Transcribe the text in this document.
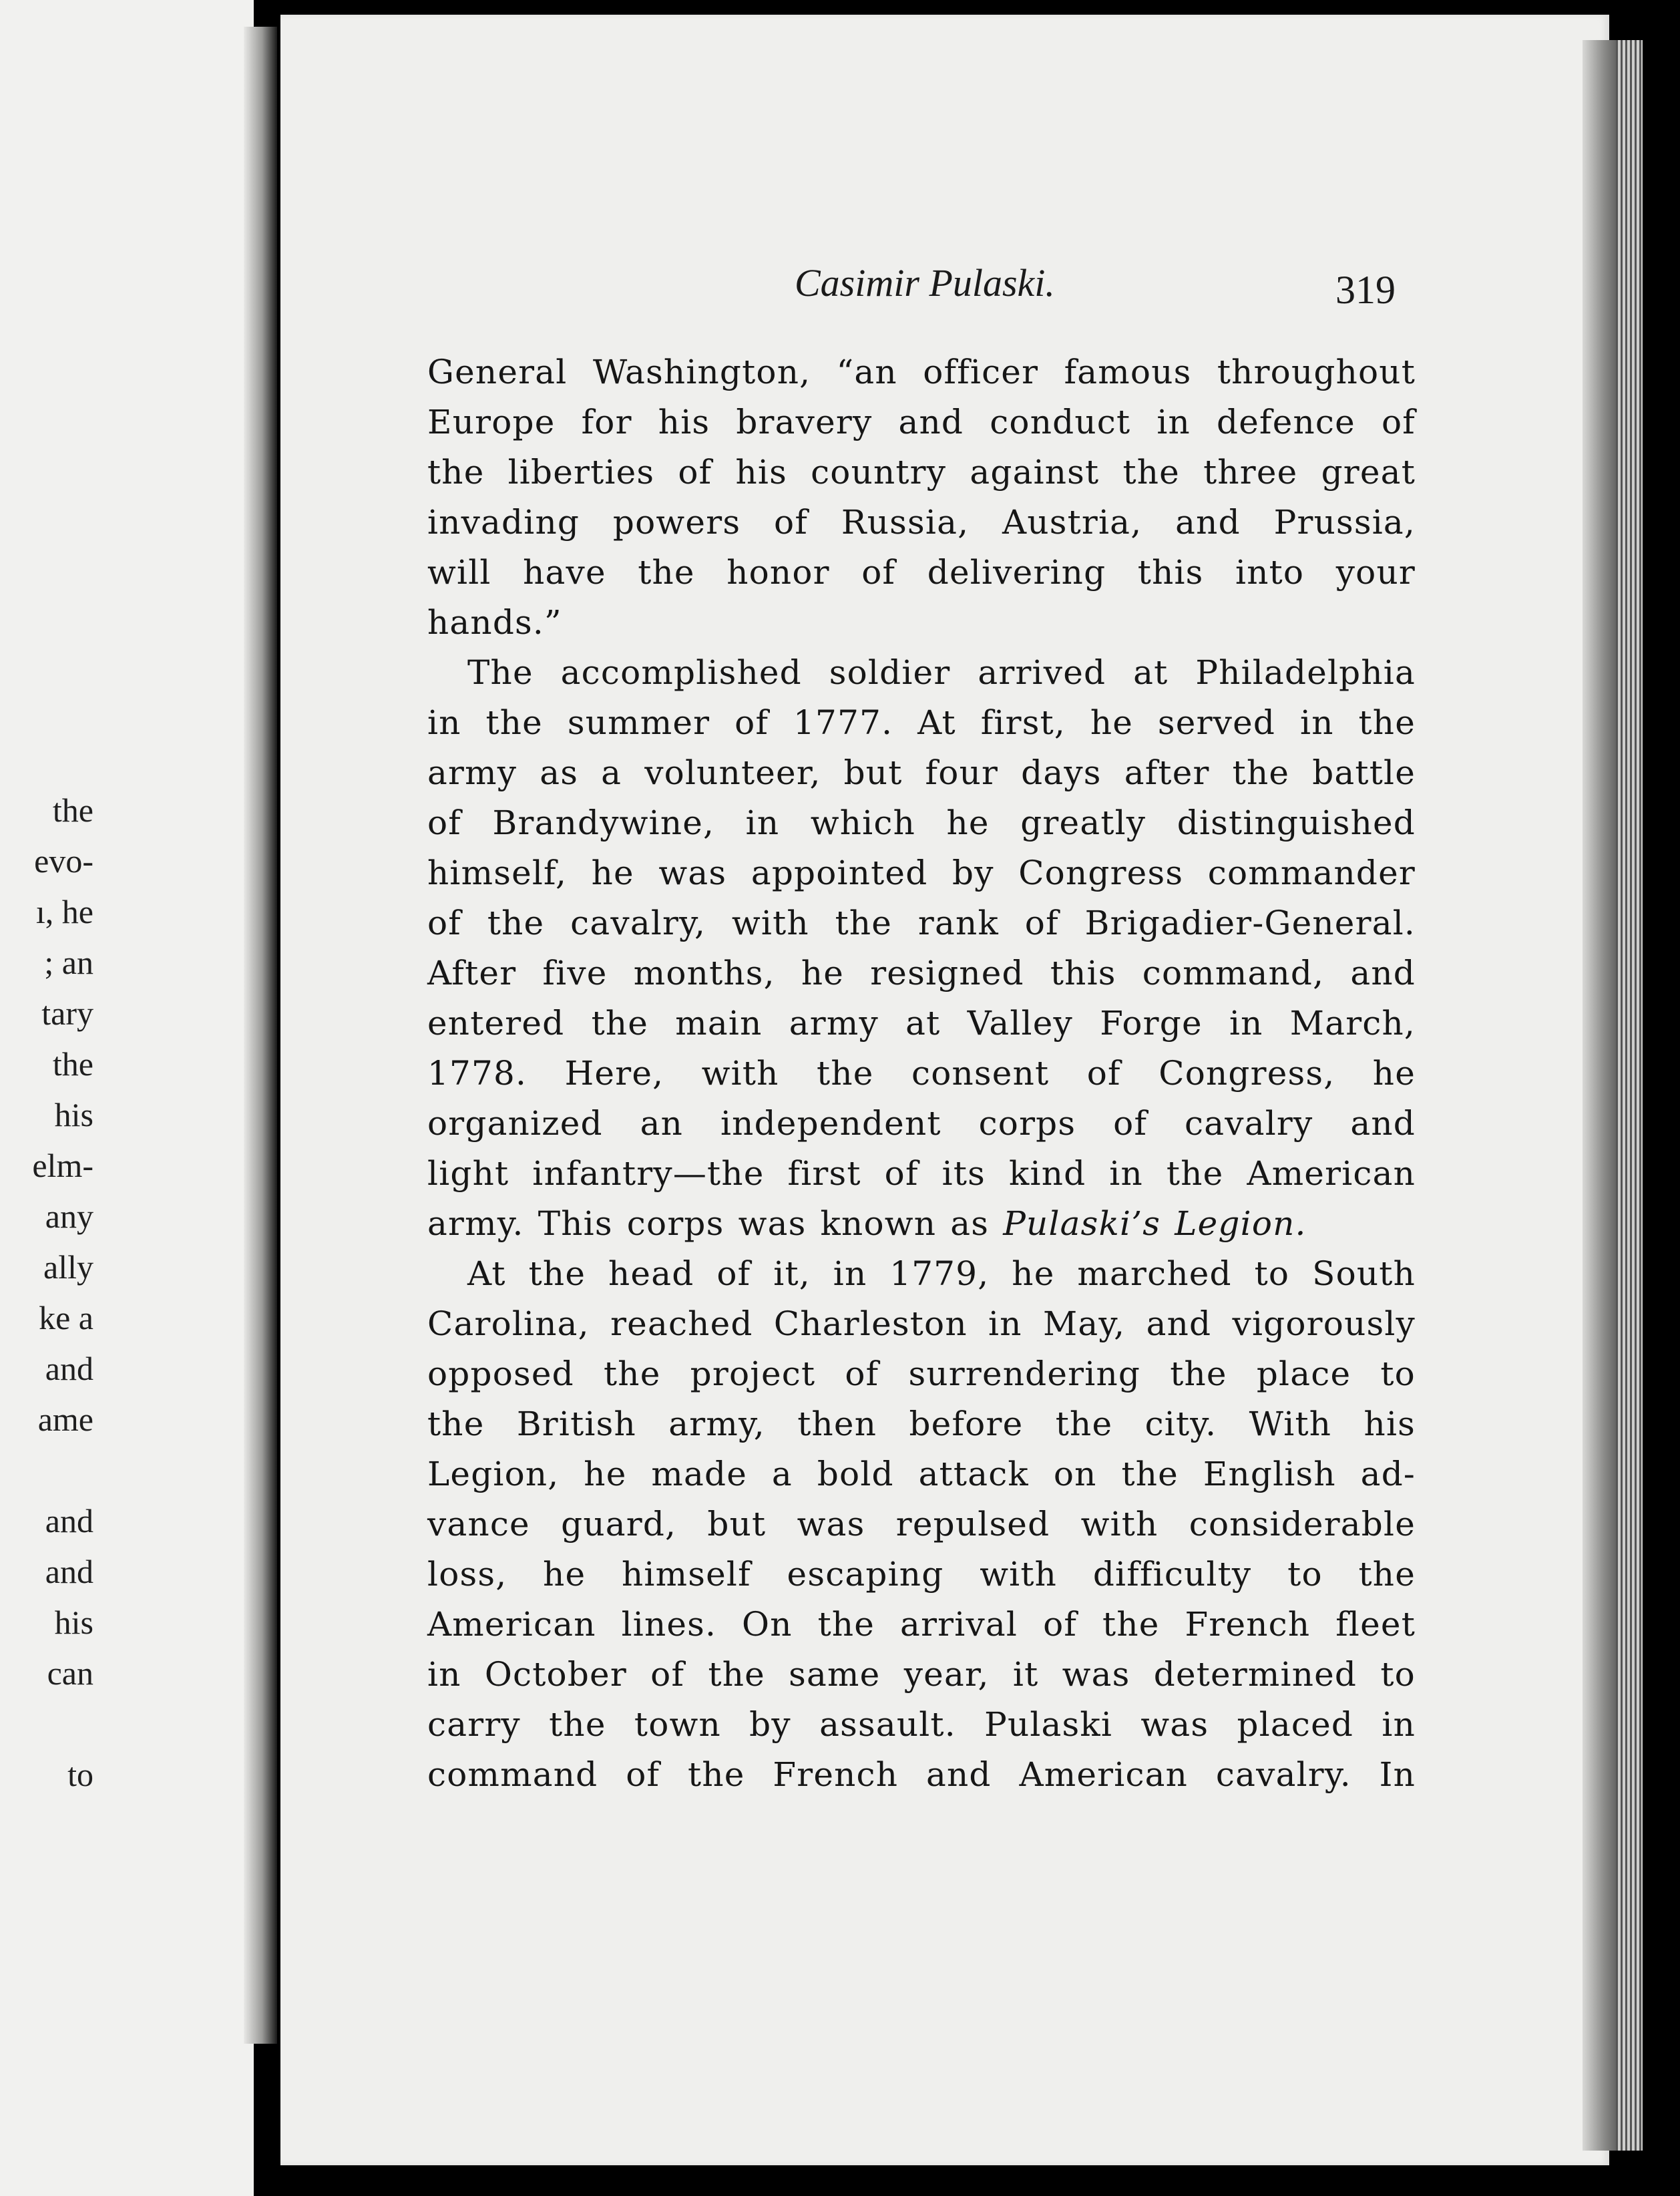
the
evo-
ı, he
; an
tary
the
his
elm-
any
ally
ke a
and
ame
and
and
his
can
to
Casimir Pulaski.	319

General Washington, “an officer famous throughout
Europe for his bravery and conduct in defence of
the liberties of his country against the three great
invading powers of Russia, Austria, and Prussia,
will have the honor of delivering this into your
hands.”

The accomplished soldier arrived at Philadelphia
in the summer of 1777. At first, he served in the
army as a volunteer, but four days after the battle
of Brandywine, in which he greatly distinguished
himself, he was appointed by Congress commander
of the cavalry, with the rank of Brigadier-General.
After five months, he resigned this command, and
entered the main army at Valley Forge in March,
1778. Here, with the consent of Congress, he
organized an independent corps of cavalry and
light infantry—the first of its kind in the American
army. This corps was known as Pulaski’s Legion.

At the head of it, in 1779, he marched to South
Carolina, reached Charleston in May, and vigorously
opposed the project of surrendering the place to
the British army, then before the city. With his
Legion, he made a bold attack on the English ad-
vance guard, but was repulsed with considerable
loss, he himself escaping with difficulty to the
American lines. On the arrival of the French fleet
in October of the same year, it was determined to
carry the town by assault. Pulaski was placed in
command of the French and American cavalry. In
